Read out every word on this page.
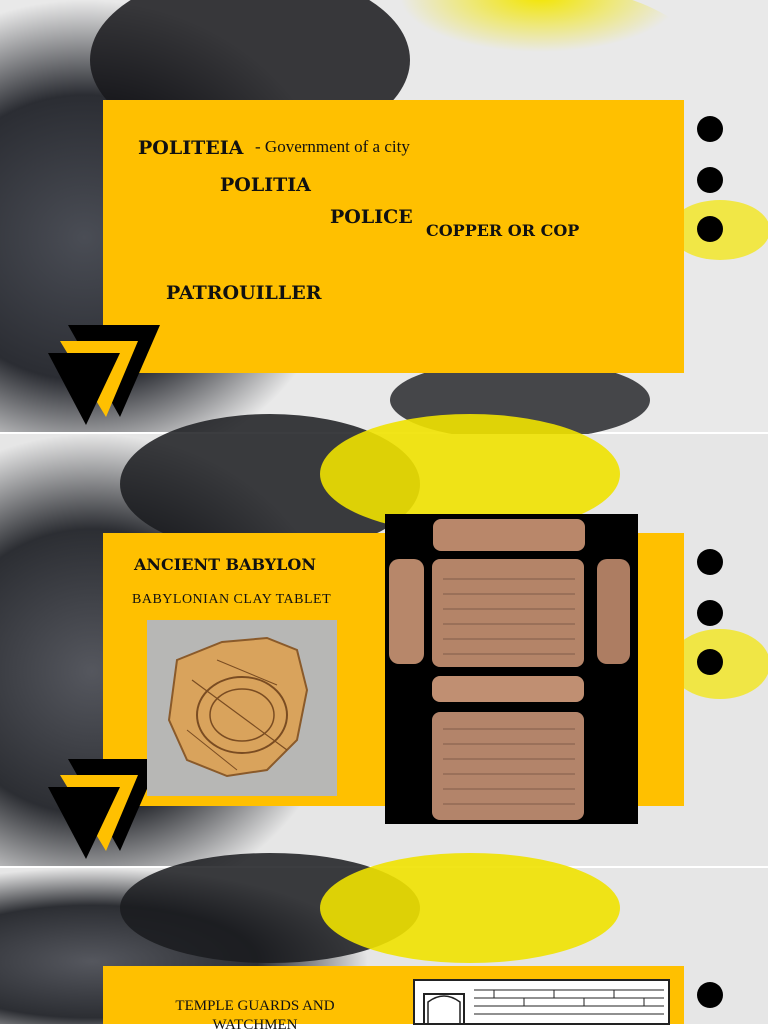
POLITEIA - Government of a city
POLITIA
POLICE
COPPER OR COP
PATROUILLER
ANCIENT BABYLON
BABYLONIAN CLAY TABLET
TEMPLE GUARDS AND WATCHMEN
